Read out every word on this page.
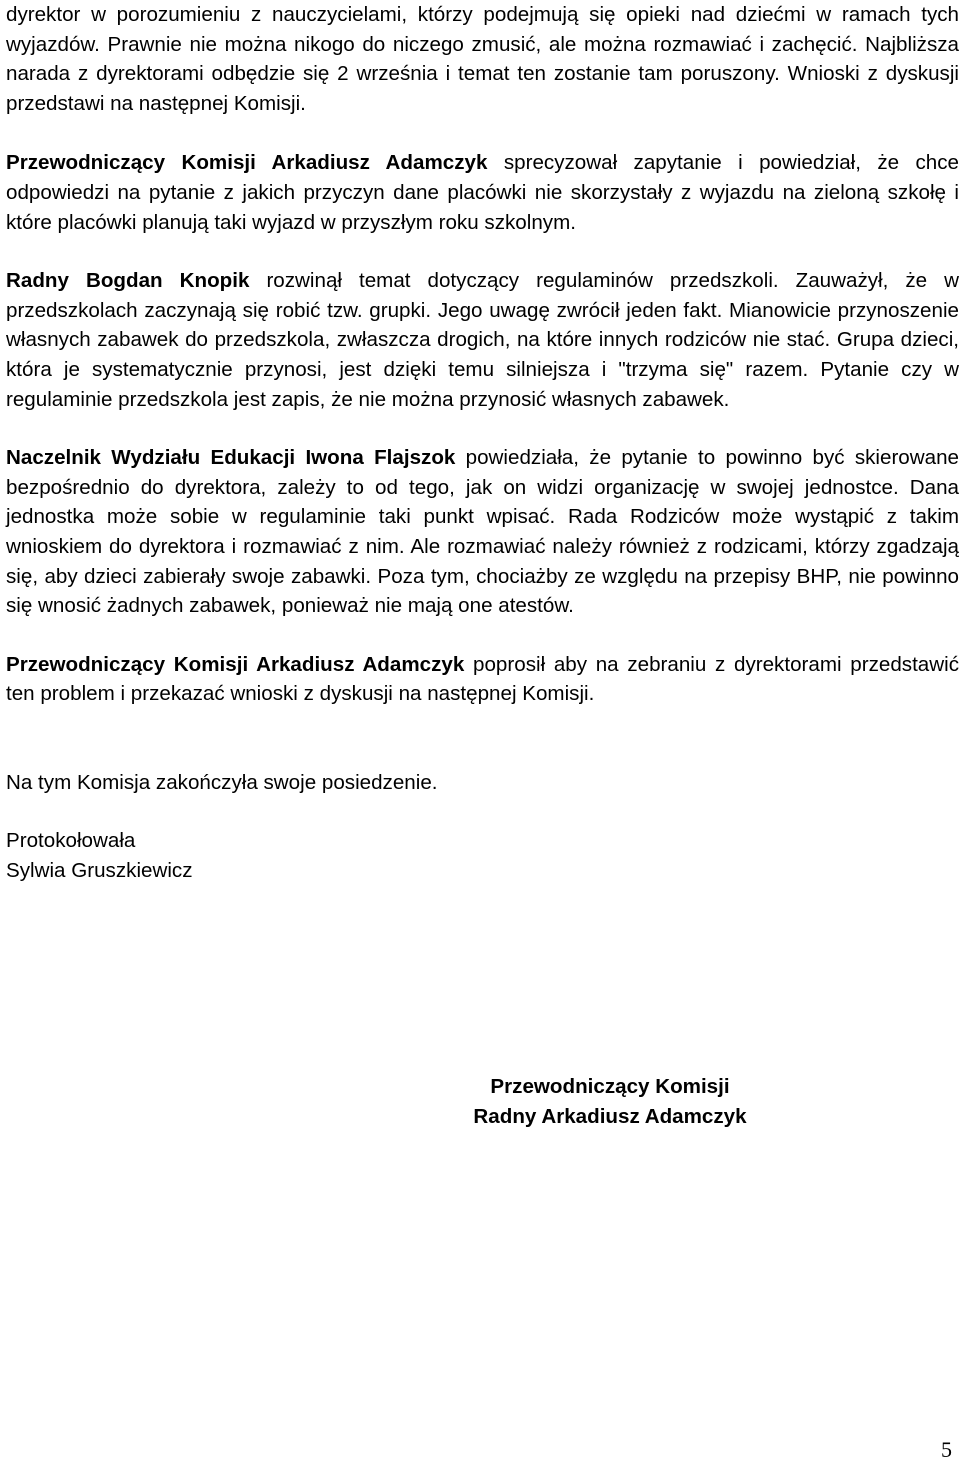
dyrektor w porozumieniu z nauczycielami, którzy podejmują się opieki nad dziećmi w ramach tych wyjazdów. Prawnie nie można nikogo do niczego zmusić, ale można rozmawiać i zachęcić. Najbliższa narada z dyrektorami odbędzie się 2 września i temat ten zostanie tam poruszony. Wnioski z dyskusji przedstawi na następnej Komisji.

Przewodniczący Komisji Arkadiusz Adamczyk sprecyzował zapytanie i powiedział, że chce odpowiedzi na pytanie z jakich przyczyn dane placówki nie skorzystały z wyjazdu na zieloną szkołę i które placówki planują taki wyjazd w przyszłym roku szkolnym.

Radny Bogdan Knopik rozwinął temat dotyczący regulaminów przedszkoli. Zauważył, że w przedszkolach zaczynają się robić tzw. grupki. Jego uwagę zwrócił jeden fakt. Mianowicie przynoszenie własnych zabawek do przedszkola, zwłaszcza drogich, na które innych rodziców nie stać. Grupa dzieci, która je systematycznie przynosi, jest dzięki temu silniejsza i "trzyma się" razem. Pytanie czy w regulaminie przedszkola jest zapis, że nie można przynosić własnych zabawek.

Naczelnik Wydziału Edukacji Iwona Flajszok powiedziała, że pytanie to powinno być skierowane bezpośrednio do dyrektora, zależy to od tego, jak on widzi organizację w swojej jednostce. Dana jednostka może sobie w regulaminie taki punkt wpisać. Rada Rodziców może wystąpić z takim wnioskiem do dyrektora i rozmawiać z nim. Ale rozmawiać należy również z rodzicami, którzy zgadzają się, aby dzieci zabierały swoje zabawki. Poza tym, chociażby ze względu na przepisy BHP, nie powinno się wnosić żadnych zabawek, ponieważ nie mają one atestów.

Przewodniczący Komisji Arkadiusz Adamczyk poprosił aby na zebraniu z dyrektorami przedstawić ten problem i przekazać wnioski z dyskusji na następnej Komisji.

Na tym Komisja zakończyła swoje posiedzenie.

Protokołowała

Sylwia Gruszkiewicz

Przewodniczący Komisji
Radny Arkadiusz Adamczyk
5
